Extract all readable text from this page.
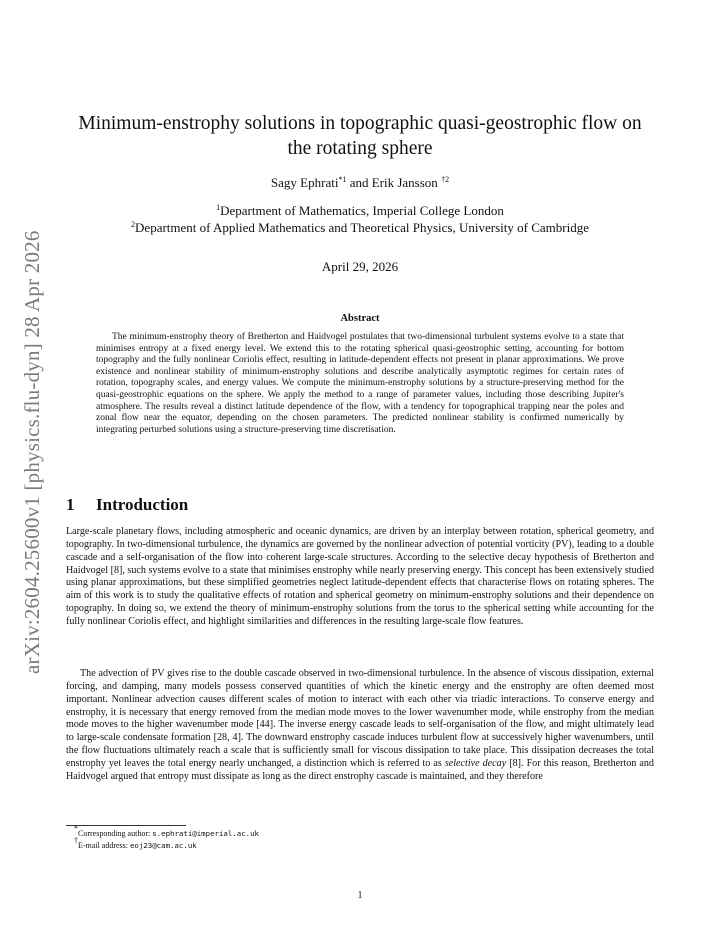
arXiv:2604.25600v1 [physics.flu-dyn] 28 Apr 2026
Minimum-enstrophy solutions in topographic quasi-geostrophic flow on the rotating sphere
Sagy Ephrati$^{*1}$ and Erik Jansson $^{\dagger 2}$
$^1$Department of Mathematics, Imperial College London
$^2$Department of Applied Mathematics and Theoretical Physics, University of Cambridge
April 29, 2026
Abstract

The minimum-enstrophy theory of Bretherton and Haidvogel postulates that two-dimensional turbulent systems evolve to a state that minimises entropy at a fixed energy level. We extend this to the rotating spherical quasi-geostrophic setting, accounting for bottom topography and the fully nonlinear Coriolis effect, resulting in latitude-dependent effects not present in planar approximations. We prove existence and nonlinear stability of minimum-enstrophy solutions and describe analytically asymptotic regimes for certain rates of rotation, topography scales, and energy values. We compute the minimum-enstrophy solutions by a structure-preserving method for the quasi-geostrophic equations on the sphere. We apply the method to a range of parameter values, including those describing Jupiter's atmosphere. The results reveal a distinct latitude dependence of the flow, with a tendency for topographical trapping near the poles and zonal flow near the equator, depending on the chosen parameters. The predicted nonlinear stability is confirmed numerically by integrating perturbed solutions using a structure-preserving time discretisation.

1 Introduction

Large-scale planetary flows, including atmospheric and oceanic dynamics, are driven by an interplay between rotation, spherical geometry, and topography. In two-dimensional turbulence, the dynamics are governed by the nonlinear advection of potential vorticity (PV), leading to a double cascade and a self-organisation of the flow into coherent large-scale structures. According to the selective decay hypothesis of Bretherton and Haidvogel [8], such systems evolve to a state that minimises enstrophy while nearly preserving energy. This concept has been extensively studied using planar approximations, but these simplified geometries neglect latitude-dependent effects that characterise flows on rotating spheres. The aim of this work is to study the qualitative effects of rotation and spherical geometry on minimum-enstrophy solutions and their dependence on topography. In doing so, we extend the theory of minimum-enstrophy solutions from the torus to the spherical setting while accounting for the fully nonlinear Coriolis effect, and highlight similarities and differences in the resulting large-scale flow features.

The advection of PV gives rise to the double cascade observed in two-dimensional turbulence. In the absence of viscous dissipation, external forcing, and damping, many models possess conserved quantities of which the kinetic energy and the enstrophy are often deemed most important. Nonlinear advection causes different scales of motion to interact with each other via triadic interactions. To conserve energy and enstrophy, it is necessary that energy removed from the median mode moves to the lower wavenumber mode, while enstrophy from the median mode moves to the higher wavenumber mode [44]. The inverse energy cascade leads to self-organisation of the flow, and might ultimately lead to large-scale condensate formation [28, 4]. The downward enstrophy cascade induces turbulent flow at successively higher wavenumbers, until the flow fluctuations ultimately reach a scale that is sufficiently small for viscous dissipation to take place. This dissipation decreases the total enstrophy yet leaves the total energy nearly unchanged, a distinction which is referred to as selective decay [8]. For this reason, Bretherton and Haidvogel argued that entropy must dissipate as long as the direct enstrophy cascade is maintained, and they therefore

*Corresponding author: s.ephrati@imperial.ac.uk
†E-mail address: eoj23@cam.ac.uk
1
